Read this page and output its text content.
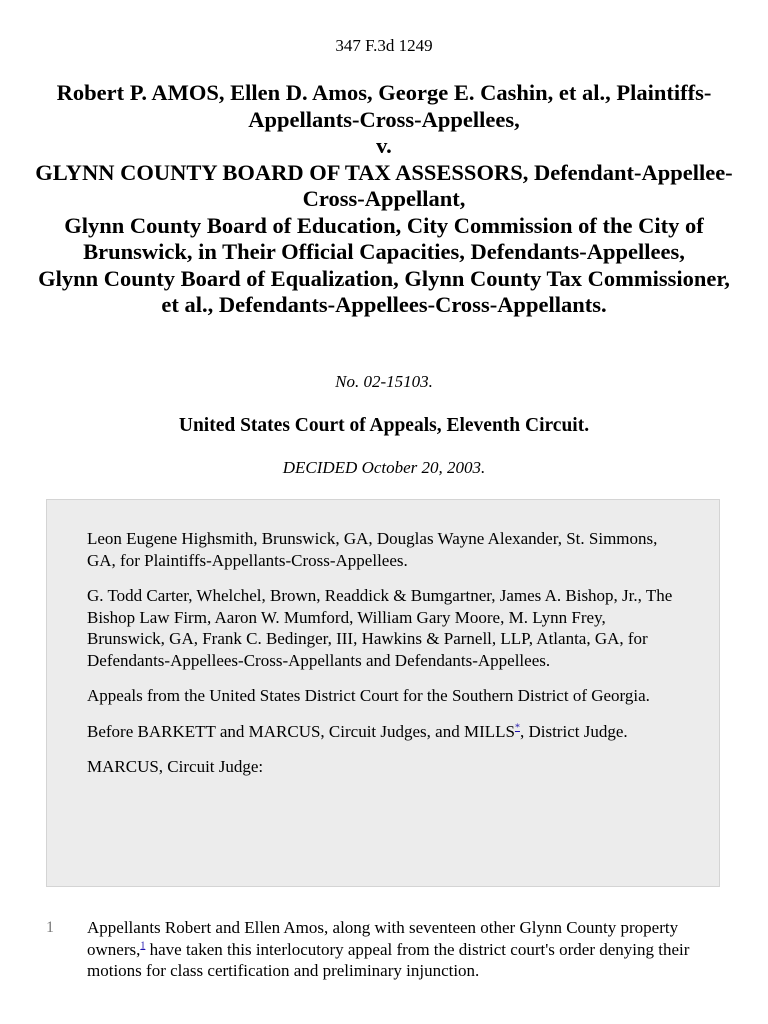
347 F.3d 1249
Robert P. AMOS, Ellen D. Amos, George E. Cashin, et al., Plaintiffs-Appellants-Cross-Appellees,
v.
GLYNN COUNTY BOARD OF TAX ASSESSORS, Defendant-Appellee-Cross-Appellant,
Glynn County Board of Education, City Commission of the City of Brunswick, in Their Official Capacities, Defendants-Appellees,
Glynn County Board of Equalization, Glynn County Tax Commissioner, et al., Defendants-Appellees-Cross-Appellants.
No. 02-15103.
United States Court of Appeals, Eleventh Circuit.
DECIDED October 20, 2003.

Leon Eugene Highsmith, Brunswick, GA, Douglas Wayne Alexander, St. Simmons, GA, for Plaintiffs-Appellants-Cross-Appellees.

G. Todd Carter, Whelchel, Brown, Readdick & Bumgartner, James A. Bishop, Jr., The Bishop Law Firm, Aaron W. Mumford, William Gary Moore, M. Lynn Frey, Brunswick, GA, Frank C. Bedinger, III, Hawkins & Parnell, LLP, Atlanta, GA, for Defendants-Appellees-Cross-Appellants and Defendants-Appellees.

Appeals from the United States District Court for the Southern District of Georgia.

Before BARKETT and MARCUS, Circuit Judges, and MILLS*, District Judge.

MARCUS, Circuit Judge:

1 Appellants Robert and Ellen Amos, along with seventeen other Glynn County property owners,$^1$ have taken this interlocutory appeal from the district court's order denying their motions for class certification and preliminary injunction.
